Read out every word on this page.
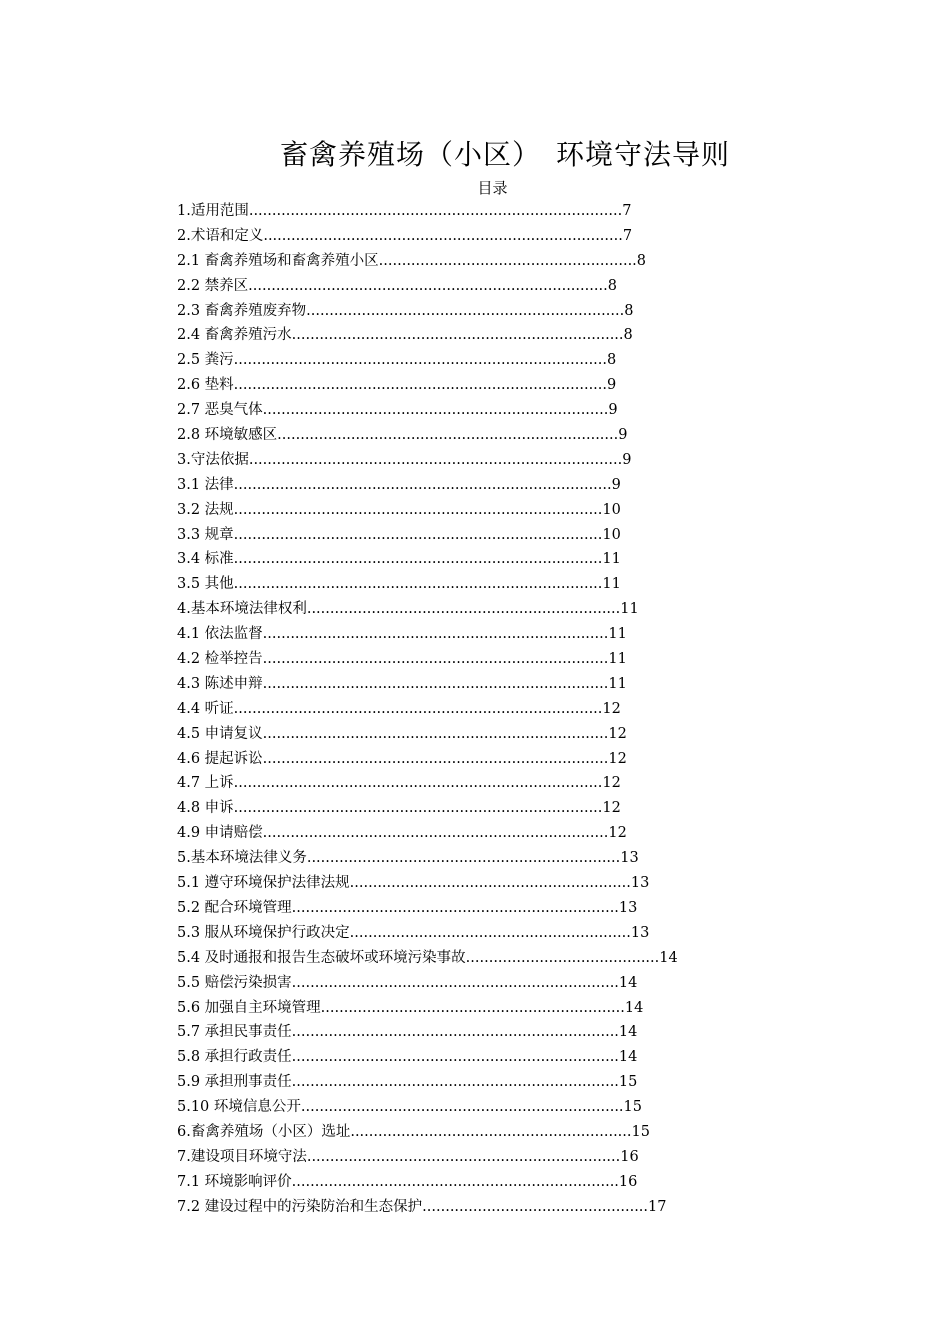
畜禽养殖场（小区）　环境守法导则
目录
1.适用范围.................................................................................7
2.术语和定义..............................................................................7
2.1 畜禽养殖场和畜禽养殖小区........................................................8
2.2 禁养区..............................................................................8
2.3 畜禽养殖废弃物.....................................................................8
2.4 畜禽养殖污水........................................................................8
2.5 粪污.................................................................................8
2.6 垫料.................................................................................9
2.7 恶臭气体...........................................................................9
2.8 环境敏感区..........................................................................9
3.守法依据.................................................................................9
3.1 法律..................................................................................9
3.2 法规................................................................................10
3.3 规章................................................................................10
3.4 标准................................................................................11
3.5 其他................................................................................11
4.基本环境法律权利....................................................................11
4.1 依法监督...........................................................................11
4.2 检举控告...........................................................................11
4.3 陈述申辩...........................................................................11
4.4 听证................................................................................12
4.5 申请复议...........................................................................12
4.6 提起诉讼...........................................................................12
4.7 上诉................................................................................12
4.8 申诉................................................................................12
4.9 申请赔偿...........................................................................12
5.基本环境法律义务....................................................................13
5.1 遵守环境保护法律法规.............................................................13
5.2 配合环境管理.......................................................................13
5.3 服从环境保护行政决定.............................................................13
5.4 及时通报和报告生态破坏或环境污染事故..........................................14
5.5 赔偿污染损害.......................................................................14
5.6 加强自主环境管理..................................................................14
5.7 承担民事责任.......................................................................14
5.8 承担行政责任.......................................................................14
5.9 承担刑事责任.......................................................................15
5.10 环境信息公开......................................................................15
6.畜禽养殖场（小区）选址.............................................................15
7.建设项目环境守法....................................................................16
7.1 环境影响评价.......................................................................16
7.2 建设过程中的污染防治和生态保护.................................................17
